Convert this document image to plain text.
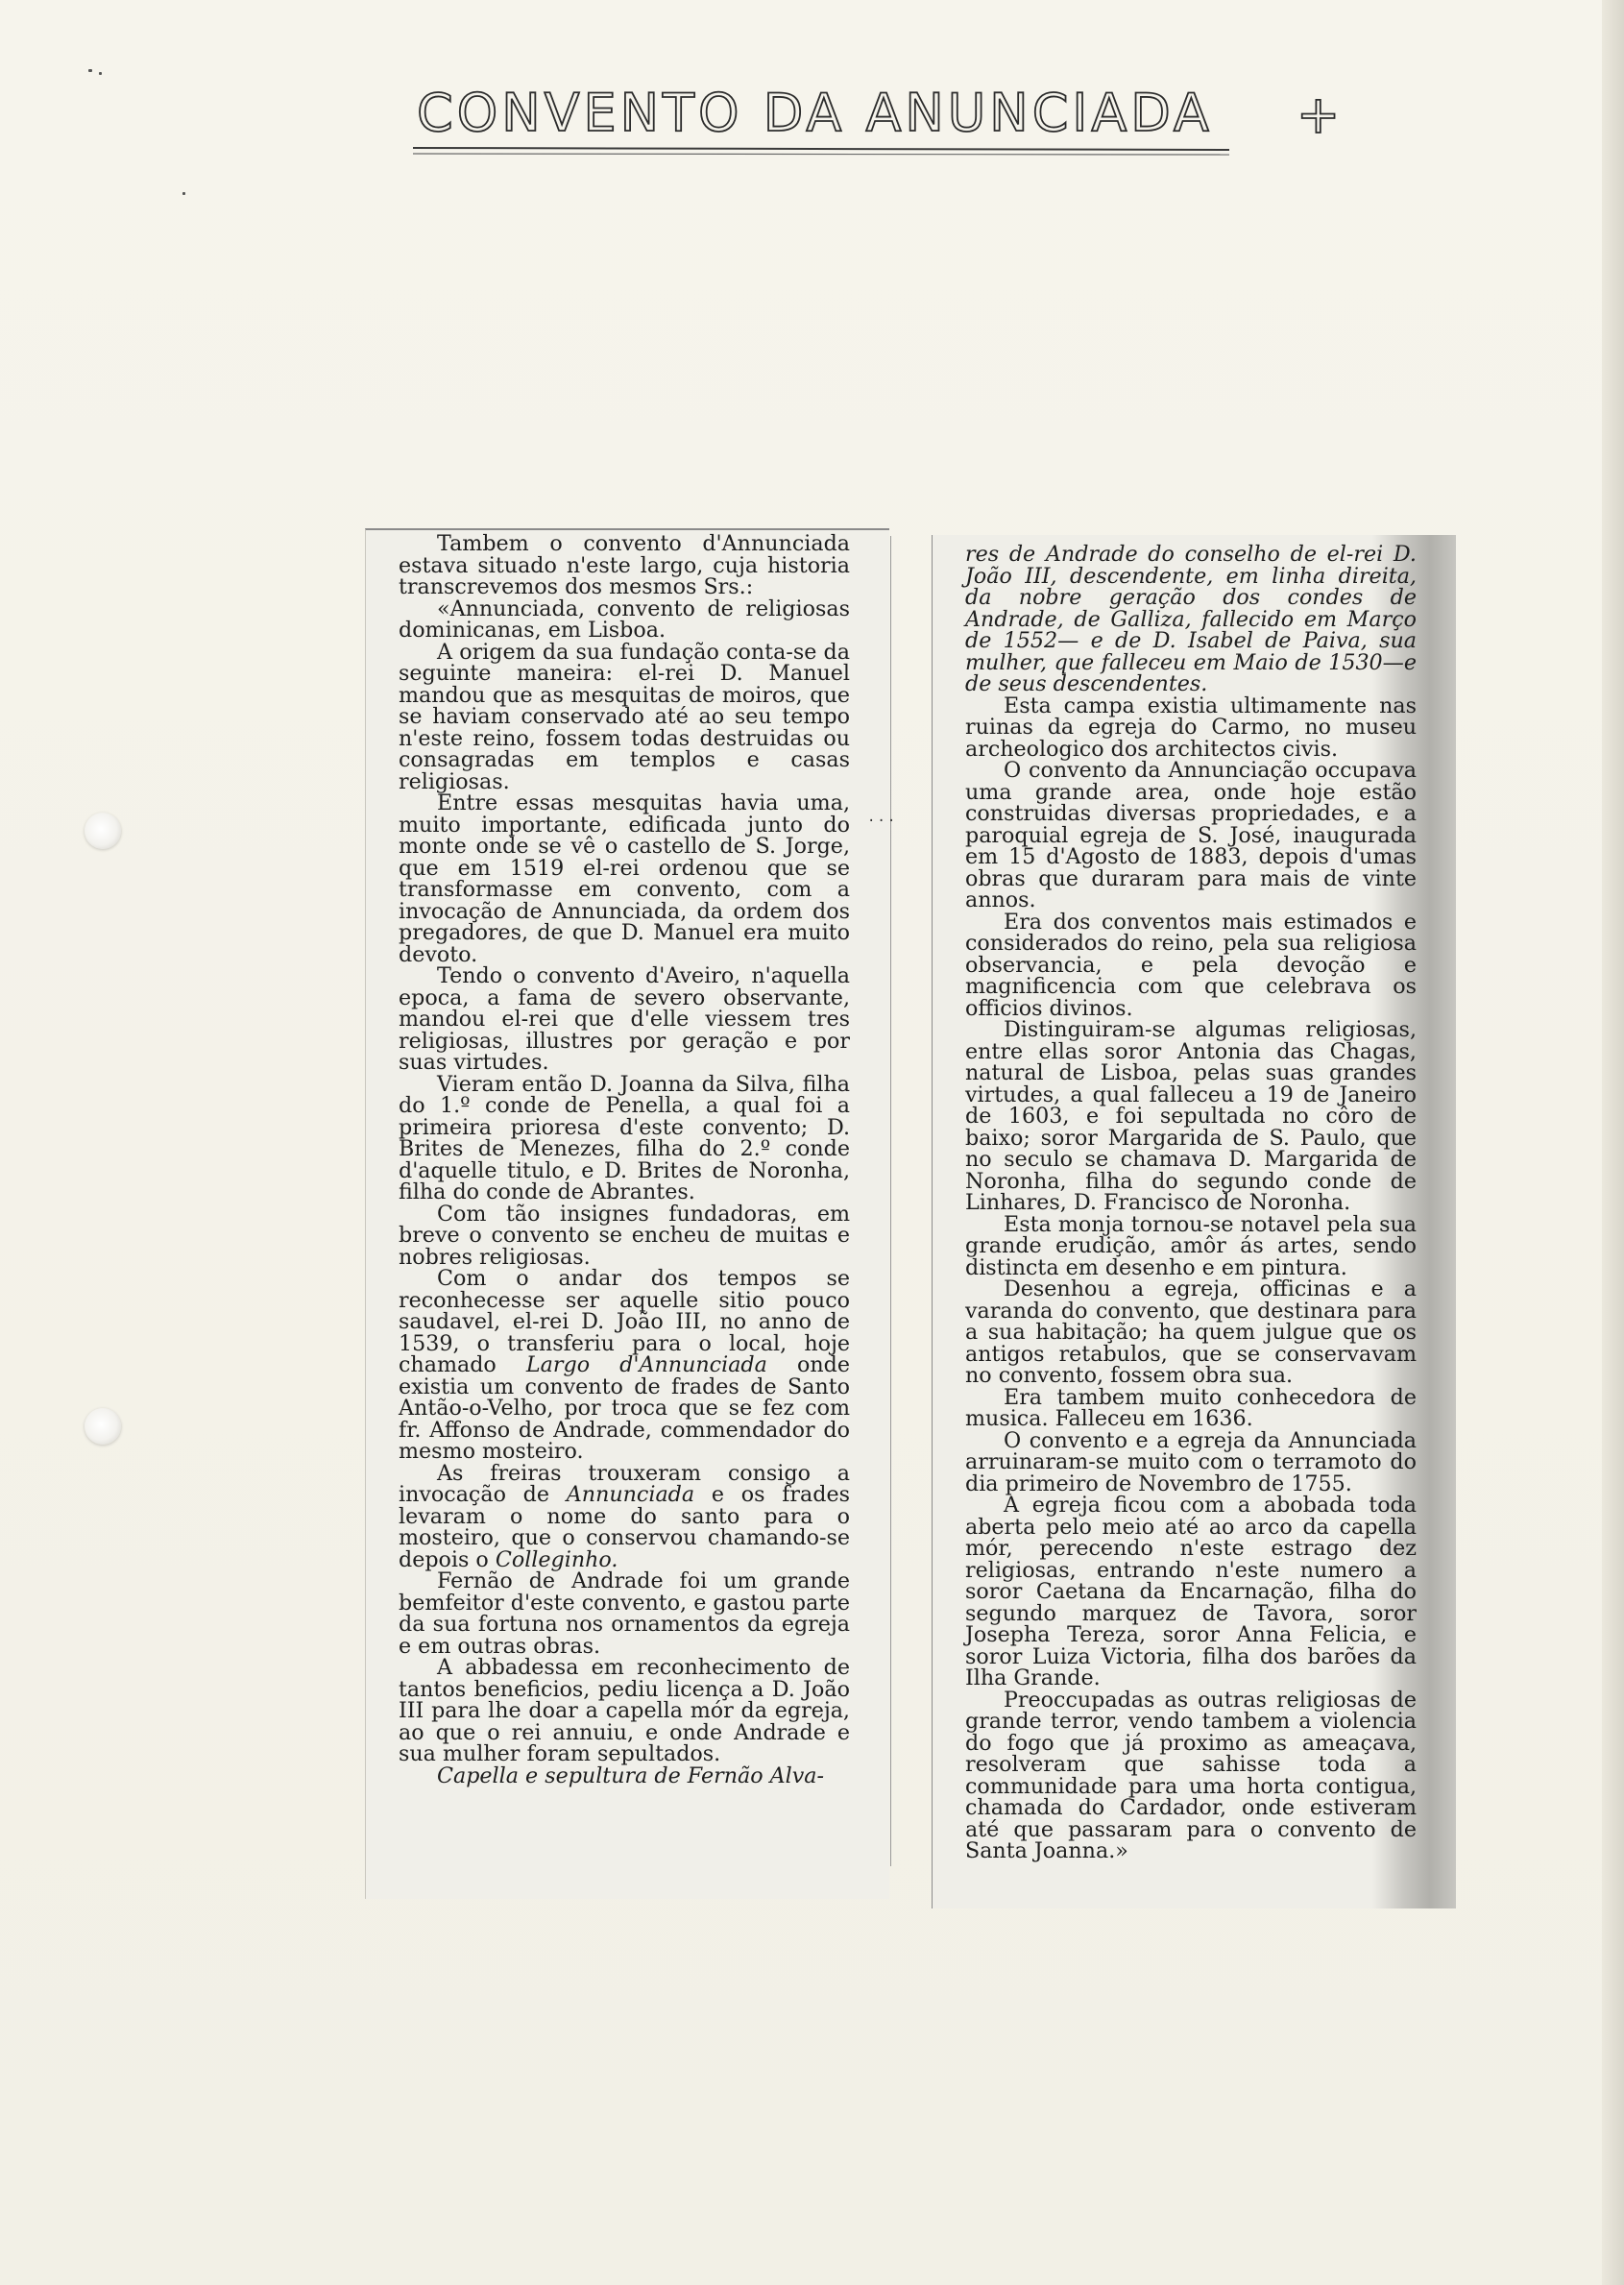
CONVENTO DA ANUNCIADA +
...

Tambem o convento d'Annunciada estava situado n'este largo, cuja historia transcrevemos dos mesmos Srs.:

«Annunciada, convento de religiosas dominicanas, em Lisboa.

A origem da sua fundação conta-se da seguinte maneira: el-rei D. Manuel mandou que as mesquitas de moiros, que se haviam conservado até ao seu tempo n'este reino, fossem todas destruidas ou consagradas em templos e casas religiosas.

Entre essas mesquitas havia uma, muito importante, edificada junto do monte onde se vê o castello de S. Jorge, que em 1519 el-rei ordenou que se transformasse em convento, com a invocação de Annunciada, da ordem dos pregadores, de que D. Manuel era muito devoto.

Tendo o convento d'Aveiro, n'aquella epoca, a fama de severo observante, mandou el-rei que d'elle viessem tres religiosas, illustres por geração e por suas virtudes.

Vieram então D. Joanna da Silva, filha do 1.º conde de Penella, a qual foi a primeira prioresa d'este convento; D. Brites de Menezes, filha do 2.º conde d'aquelle titulo, e D. Brites de Noronha, filha do conde de Abrantes.

Com tão insignes fundadoras, em breve o convento se encheu de muitas e nobres religiosas.

Com o andar dos tempos se reconhecesse ser aquelle sitio pouco saudavel, el-rei D. João III, no anno de 1539, o transferiu para o local, hoje chamado Largo d'Annunciada onde existia um convento de frades de Santo Antão-o-Velho, por troca que se fez com fr. Affonso de Andrade, commendador do mesmo mosteiro.

As freiras trouxeram consigo a invocação de Annunciada e os frades levaram o nome do santo para o mosteiro, que o conservou chamando-se depois o Colleginho.

Fernão de Andrade foi um grande bemfeitor d'este convento, e gastou parte da sua fortuna nos ornamentos da egreja e em outras obras.

A abbadessa em reconhecimento de tantos beneficios, pediu licença a D. João III para lhe doar a capella mór da egreja, ao que o rei annuiu, e onde Andrade e sua mulher foram sepultados.

Capella e sepultura de Fernão Alva-

res de Andrade do conselho de el-rei D. João III, descendente, em linha direita, da nobre geração dos condes de Andrade, de Galliza, fallecido em Março de 1552— e de D. Isabel de Paiva, sua mulher, que falleceu em Maio de 1530—e de seus descendentes.

Esta campa existia ultimamente nas ruinas da egreja do Carmo, no museu archeologico dos architectos civis.

O convento da Annunciação occupava uma grande area, onde hoje estão construidas diversas propriedades, e a paroquial egreja de S. José, inaugurada em 15 d'Agosto de 1883, depois d'umas obras que duraram para mais de vinte annos.

Era dos conventos mais estimados e considerados do reino, pela sua religiosa observancia, e pela devoção e magnificencia com que celebrava os officios divinos.

Distinguiram-se algumas religiosas, entre ellas soror Antonia das Chagas, natural de Lisboa, pelas suas grandes virtudes, a qual falleceu a 19 de Janeiro de 1603, e foi sepultada no côro de baixo; soror Margarida de S. Paulo, que no seculo se chamava D. Margarida de Noronha, filha do segundo conde de Linhares, D. Francisco de Noronha.

Esta monja tornou-se notavel pela sua grande erudição, amôr ás artes, sendo distincta em desenho e em pintura.

Desenhou a egreja, officinas e a varanda do convento, que destinara para a sua habitação; ha quem julgue que os antigos retabulos, que se conservavam no convento, fossem obra sua.

Era tambem muito conhecedora de musica. Falleceu em 1636.

O convento e a egreja da Annunciada arruinaram-se muito com o terramoto do dia primeiro de Novembro de 1755.

A egreja ficou com a abobada toda aberta pelo meio até ao arco da capella mór, perecendo n'este estrago dez religiosas, entrando n'este numero a soror Caetana da Encarnação, filha do segundo marquez de Tavora, soror Josepha Tereza, soror Anna Felicia, e soror Luiza Victoria, filha dos barões da Ilha Grande.

Preoccupadas as outras religiosas de grande terror, vendo tambem a violencia do fogo que já proximo as ameaçava, resolveram que sahisse toda a communidade para uma horta contigua, chamada do Cardador, onde estiveram até que passaram para o convento de Santa Joanna.»
